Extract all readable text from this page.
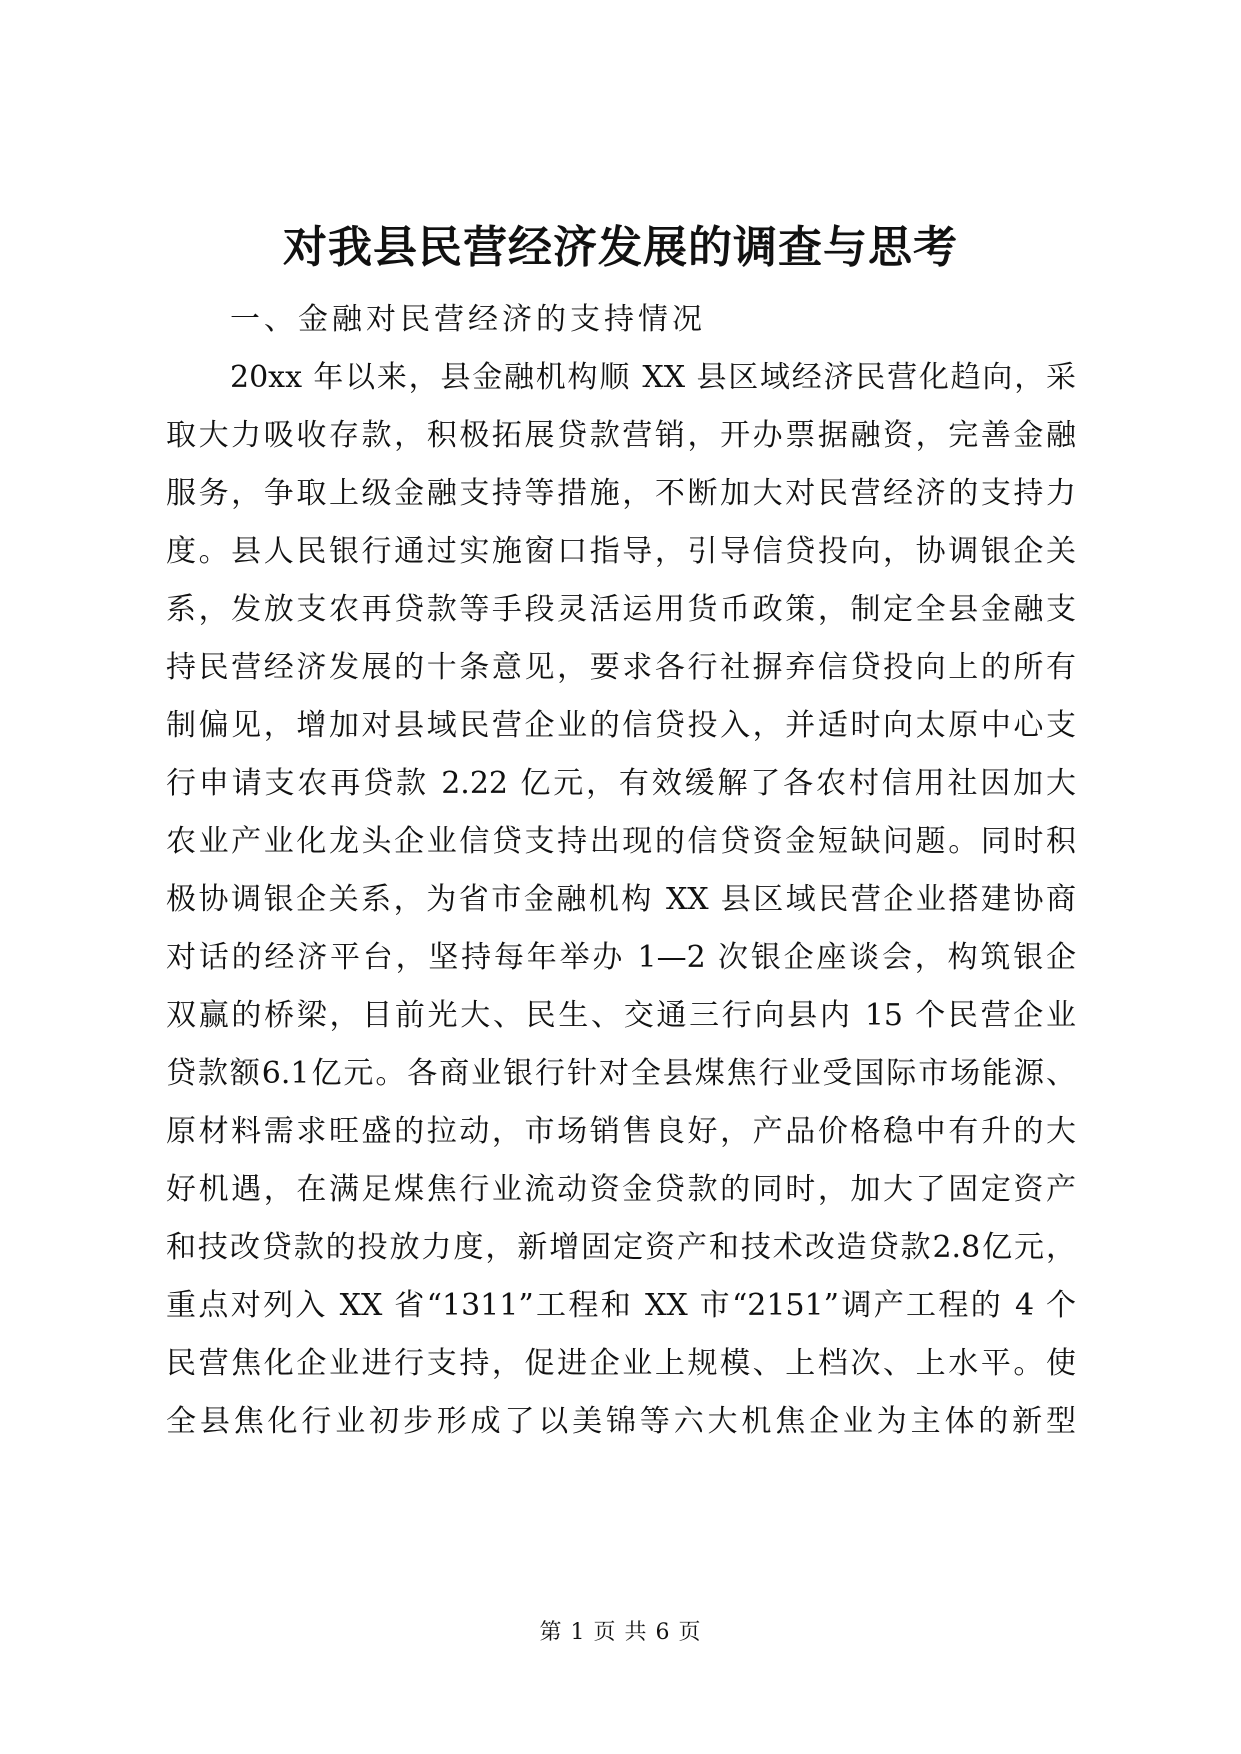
对我县民营经济发展的调查与思考

一、金融对民营经济的支持情况

20xx 年以来，县金融机构顺 XX 县区域经济民营化趋向，采
取大力吸收存款，积极拓展贷款营销，开办票据融资，完善金融
服务，争取上级金融支持等措施，不断加大对民营经济的支持力
度。县人民银行通过实施窗口指导，引导信贷投向，协调银企关
系，发放支农再贷款等手段灵活运用货币政策，制定全县金融支
持民营经济发展的十条意见，要求各行社摒弃信贷投向上的所有
制偏见，增加对县域民营企业的信贷投入，并适时向太原中心支
行申请支农再贷款 2.22 亿元，有效缓解了各农村信用社因加大
农业产业化龙头企业信贷支持出现的信贷资金短缺问题。同时积
极协调银企关系，为省市金融机构 XX 县区域民营企业搭建协商
对话的经济平台，坚持每年举办 1—2 次银企座谈会，构筑银企
双赢的桥梁，目前光大、民生、交通三行向县内 15 个民营企业
贷款额6.1亿元。各商业银行针对全县煤焦行业受国际市场能源、
原材料需求旺盛的拉动，市场销售良好，产品价格稳中有升的大
好机遇，在满足煤焦行业流动资金贷款的同时，加大了固定资产
和技改贷款的投放力度，新增固定资产和技术改造贷款2.8亿元，
重点对列入 XX 省“1311”工程和 XX 市“2151”调产工程的 4 个
民营焦化企业进行支持，促进企业上规模、上档次、上水平。使
全县焦化行业初步形成了以美锦等六大机焦企业为主体的新型

第 1 页 共 6 页
